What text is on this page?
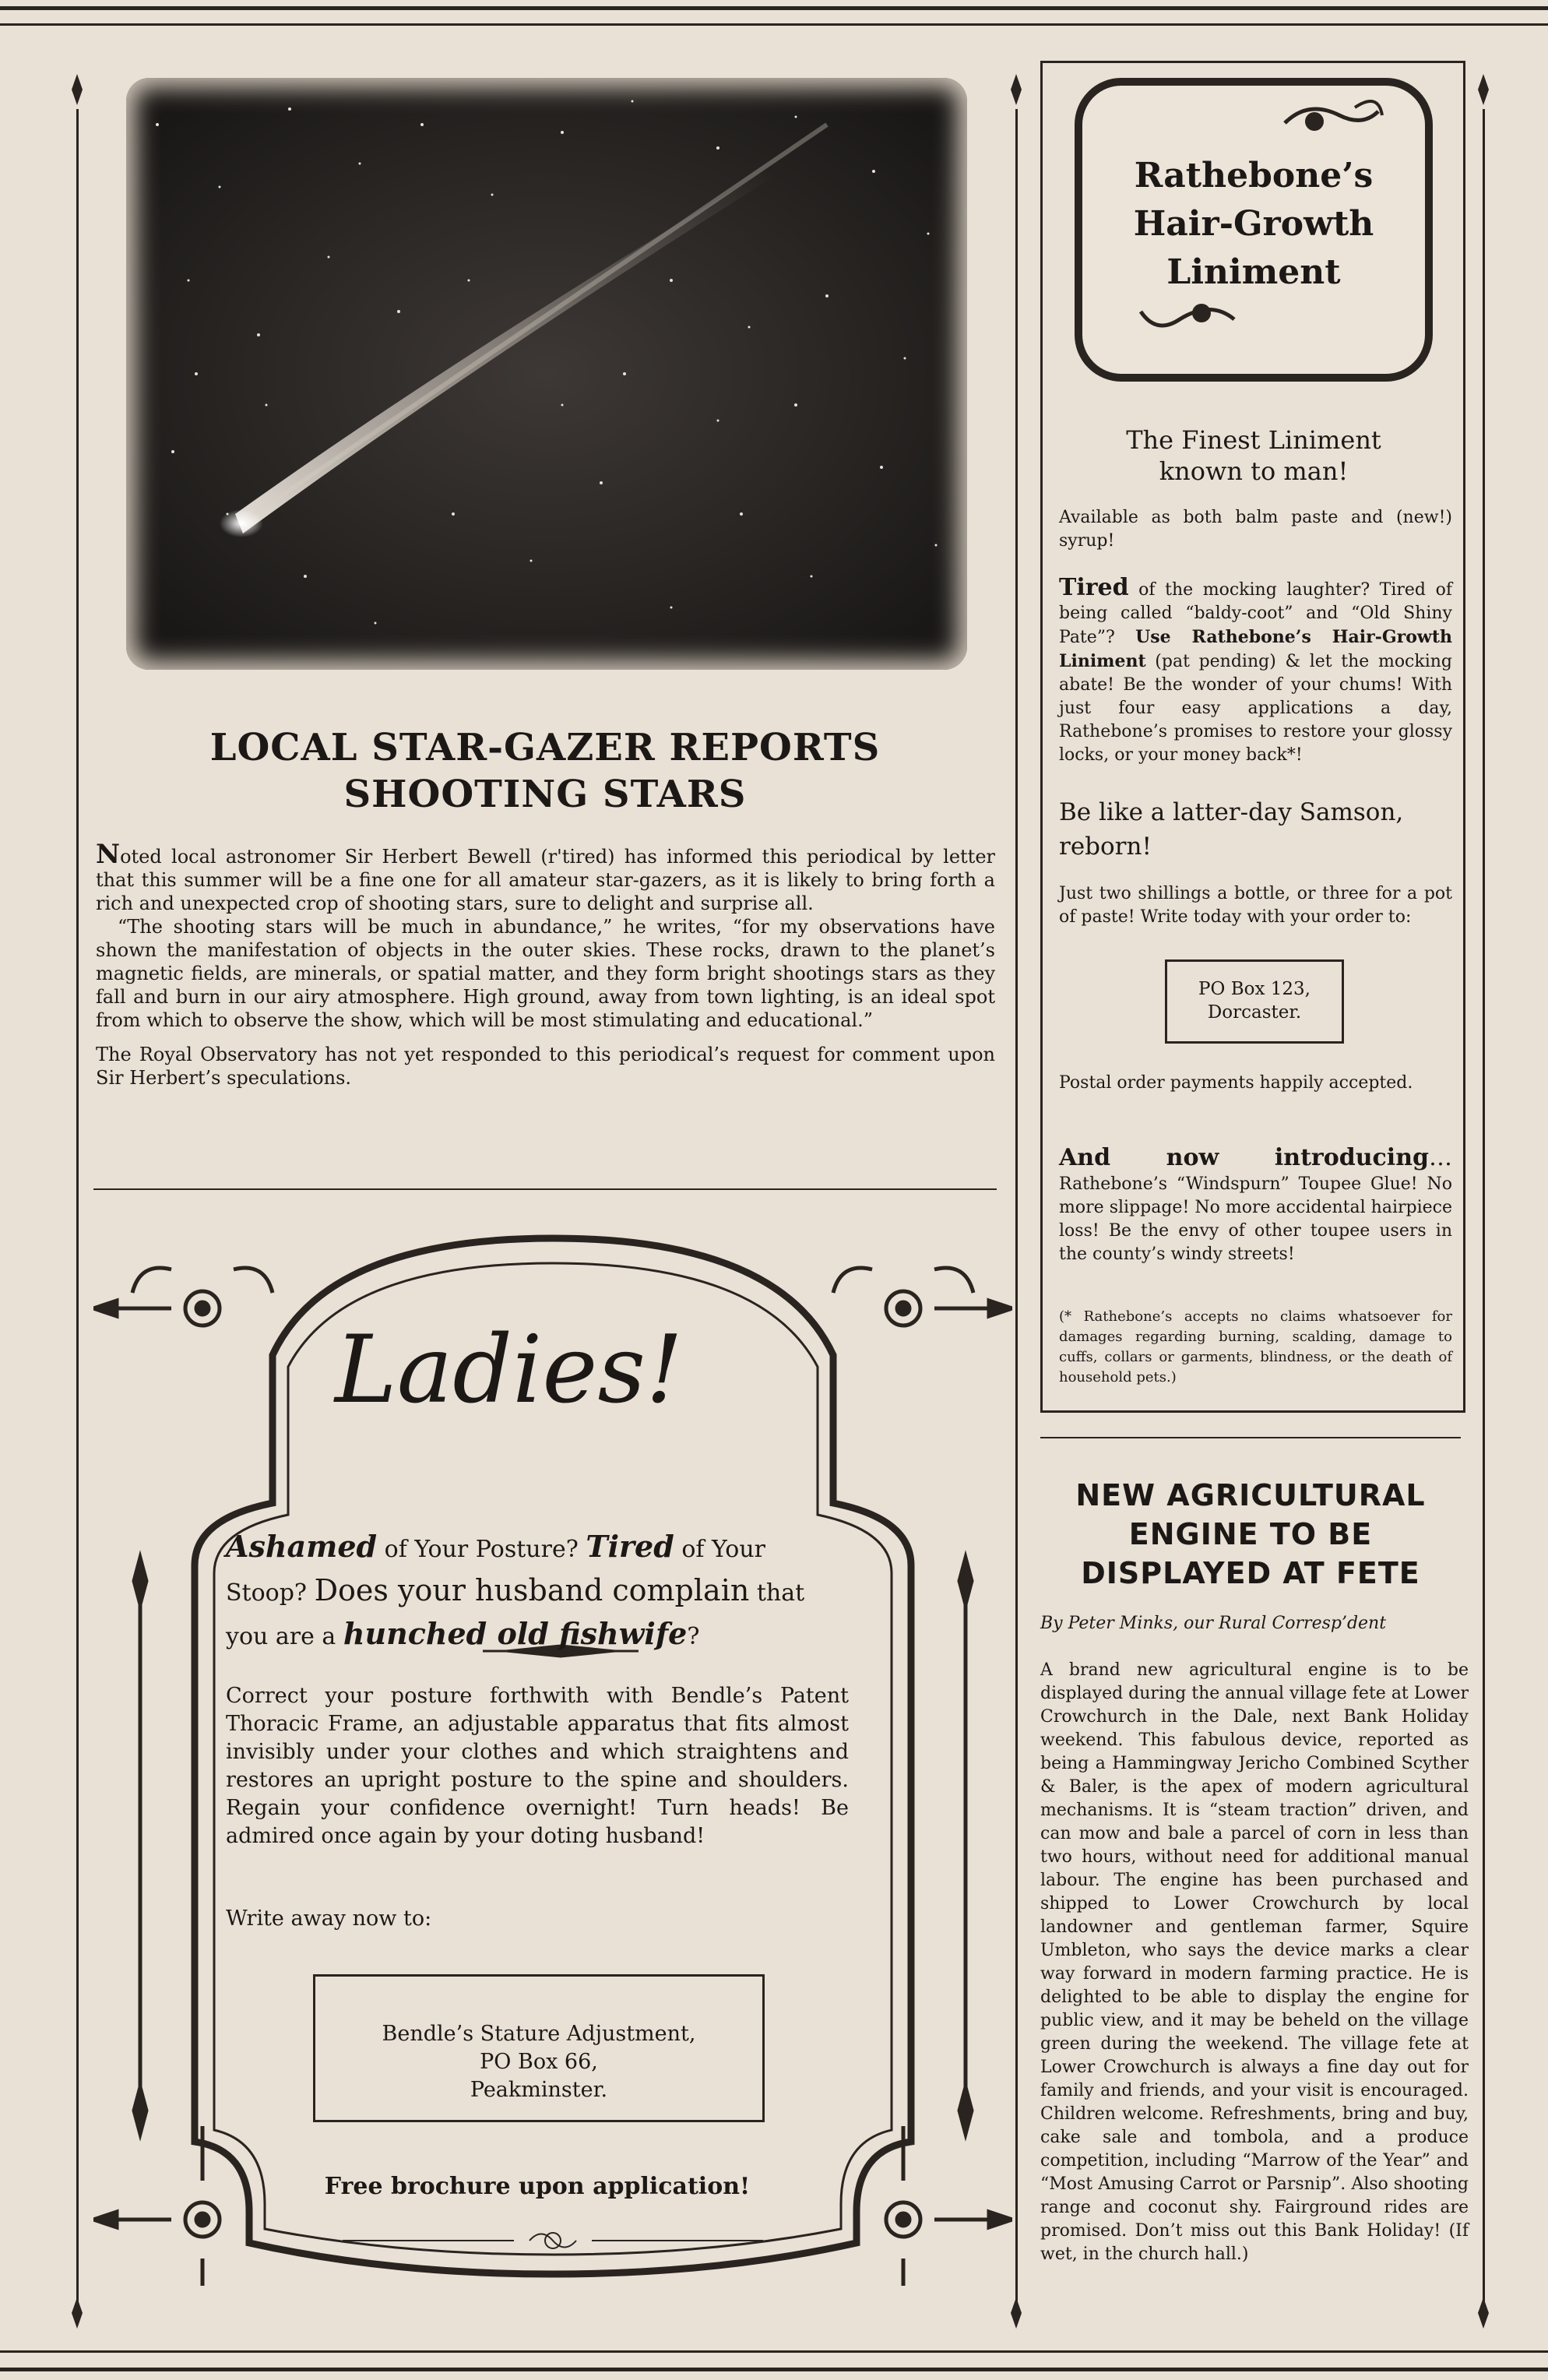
LOCAL STAR-GAZER REPORTS
SHOOTING STARS

Noted local astronomer Sir Herbert Bewell (r'tired) has informed this periodical by letter that this summer will be a fine one for all amateur star-gazers, as it is likely to bring forth a rich and unexpected crop of shooting stars, sure to delight and surprise all.

“The shooting stars will be much in abundance,” he writes, “for my observations have shown the manifestation of objects in the outer skies. These rocks, drawn to the planet’s magnetic fields, are minerals, or spatial matter, and they form bright shootings stars as they fall and burn in our airy atmosphere. High ground, away from town lighting, is an ideal spot from which to observe the show, which will be most stimulating and educational.”

The Royal Observatory has not yet responded to this periodical’s request for comment upon Sir Herbert’s speculations.

Ladies!
Ashamed of Your Posture? Tired of Your
Stoop? Does your husband complain that
you are a hunched old fishwife?
Correct your posture forthwith with Bendle’s Patent Thoracic Frame, an adjustable apparatus that fits almost invisibly under your clothes and which straightens and restores an upright posture to the spine and shoulders. Regain your confidence overnight! Turn heads! Be admired once again by your doting husband!
Write away now to:
Bendle’s Stature Adjustment,
PO Box 66,
Peakminster.
Free brochure upon application!
Rathebone’s
Hair-Growth
Liniment
The Finest Liniment
known to man!

Available as both balm paste and (new!) syrup!

Tired of the mocking laughter? Tired of being called “baldy-coot” and “Old Shiny Pate”? Use Rathebone’s Hair-Growth Liniment (pat pending) & let the mocking abate! Be the wonder of your chums! With just four easy applications a day, Rathebone’s promises to restore your glossy locks, or your money back*!

Be like a latter-day Samson, reborn!

Just two shillings a bottle, or three for a pot of paste! Write today with your order to:

PO Box 123,
Dorcaster.
Postal order payments happily accepted.

And now introducing…

Rathebone’s “Windspurn” Toupee Glue! No more slippage! No more accidental hairpiece loss! Be the envy of other toupee users in the county’s windy streets!

(* Rathebone’s accepts no claims whatsoever for damages regarding burning, scalding, damage to cuffs, collars or garments, blindness, or the death of household pets.)

NEW AGRICULTURAL
ENGINE TO BE
DISPLAYED AT FETE
By Peter Minks, our Rural Corresp’dent
A brand new agricultural engine is to be displayed during the annual village fete at Lower Crowchurch in the Dale, next Bank Holiday weekend. This fabulous device, reported as being a Hammingway Jericho Combined Scyther & Baler, is the apex of modern agricultural mechanisms. It is “steam traction” driven, and can mow and bale a parcel of corn in less than two hours, without need for additional manual labour. The engine has been purchased and shipped to Lower Crowchurch by local landowner and gentleman farmer, Squire Umbleton, who says the device marks a clear way forward in modern farming practice. He is delighted to be able to display the engine for public view, and it may be beheld on the village green during the weekend. The village fete at Lower Crowchurch is always a fine day out for family and friends, and your visit is encouraged. Children welcome. Refreshments, bring and buy, cake sale and tombola, and a produce competition, including “Marrow of the Year” and “Most Amusing Carrot or Parsnip”. Also shooting range and coconut shy. Fairground rides are promised. Don’t miss out this Bank Holiday! (If wet, in the church hall.)
